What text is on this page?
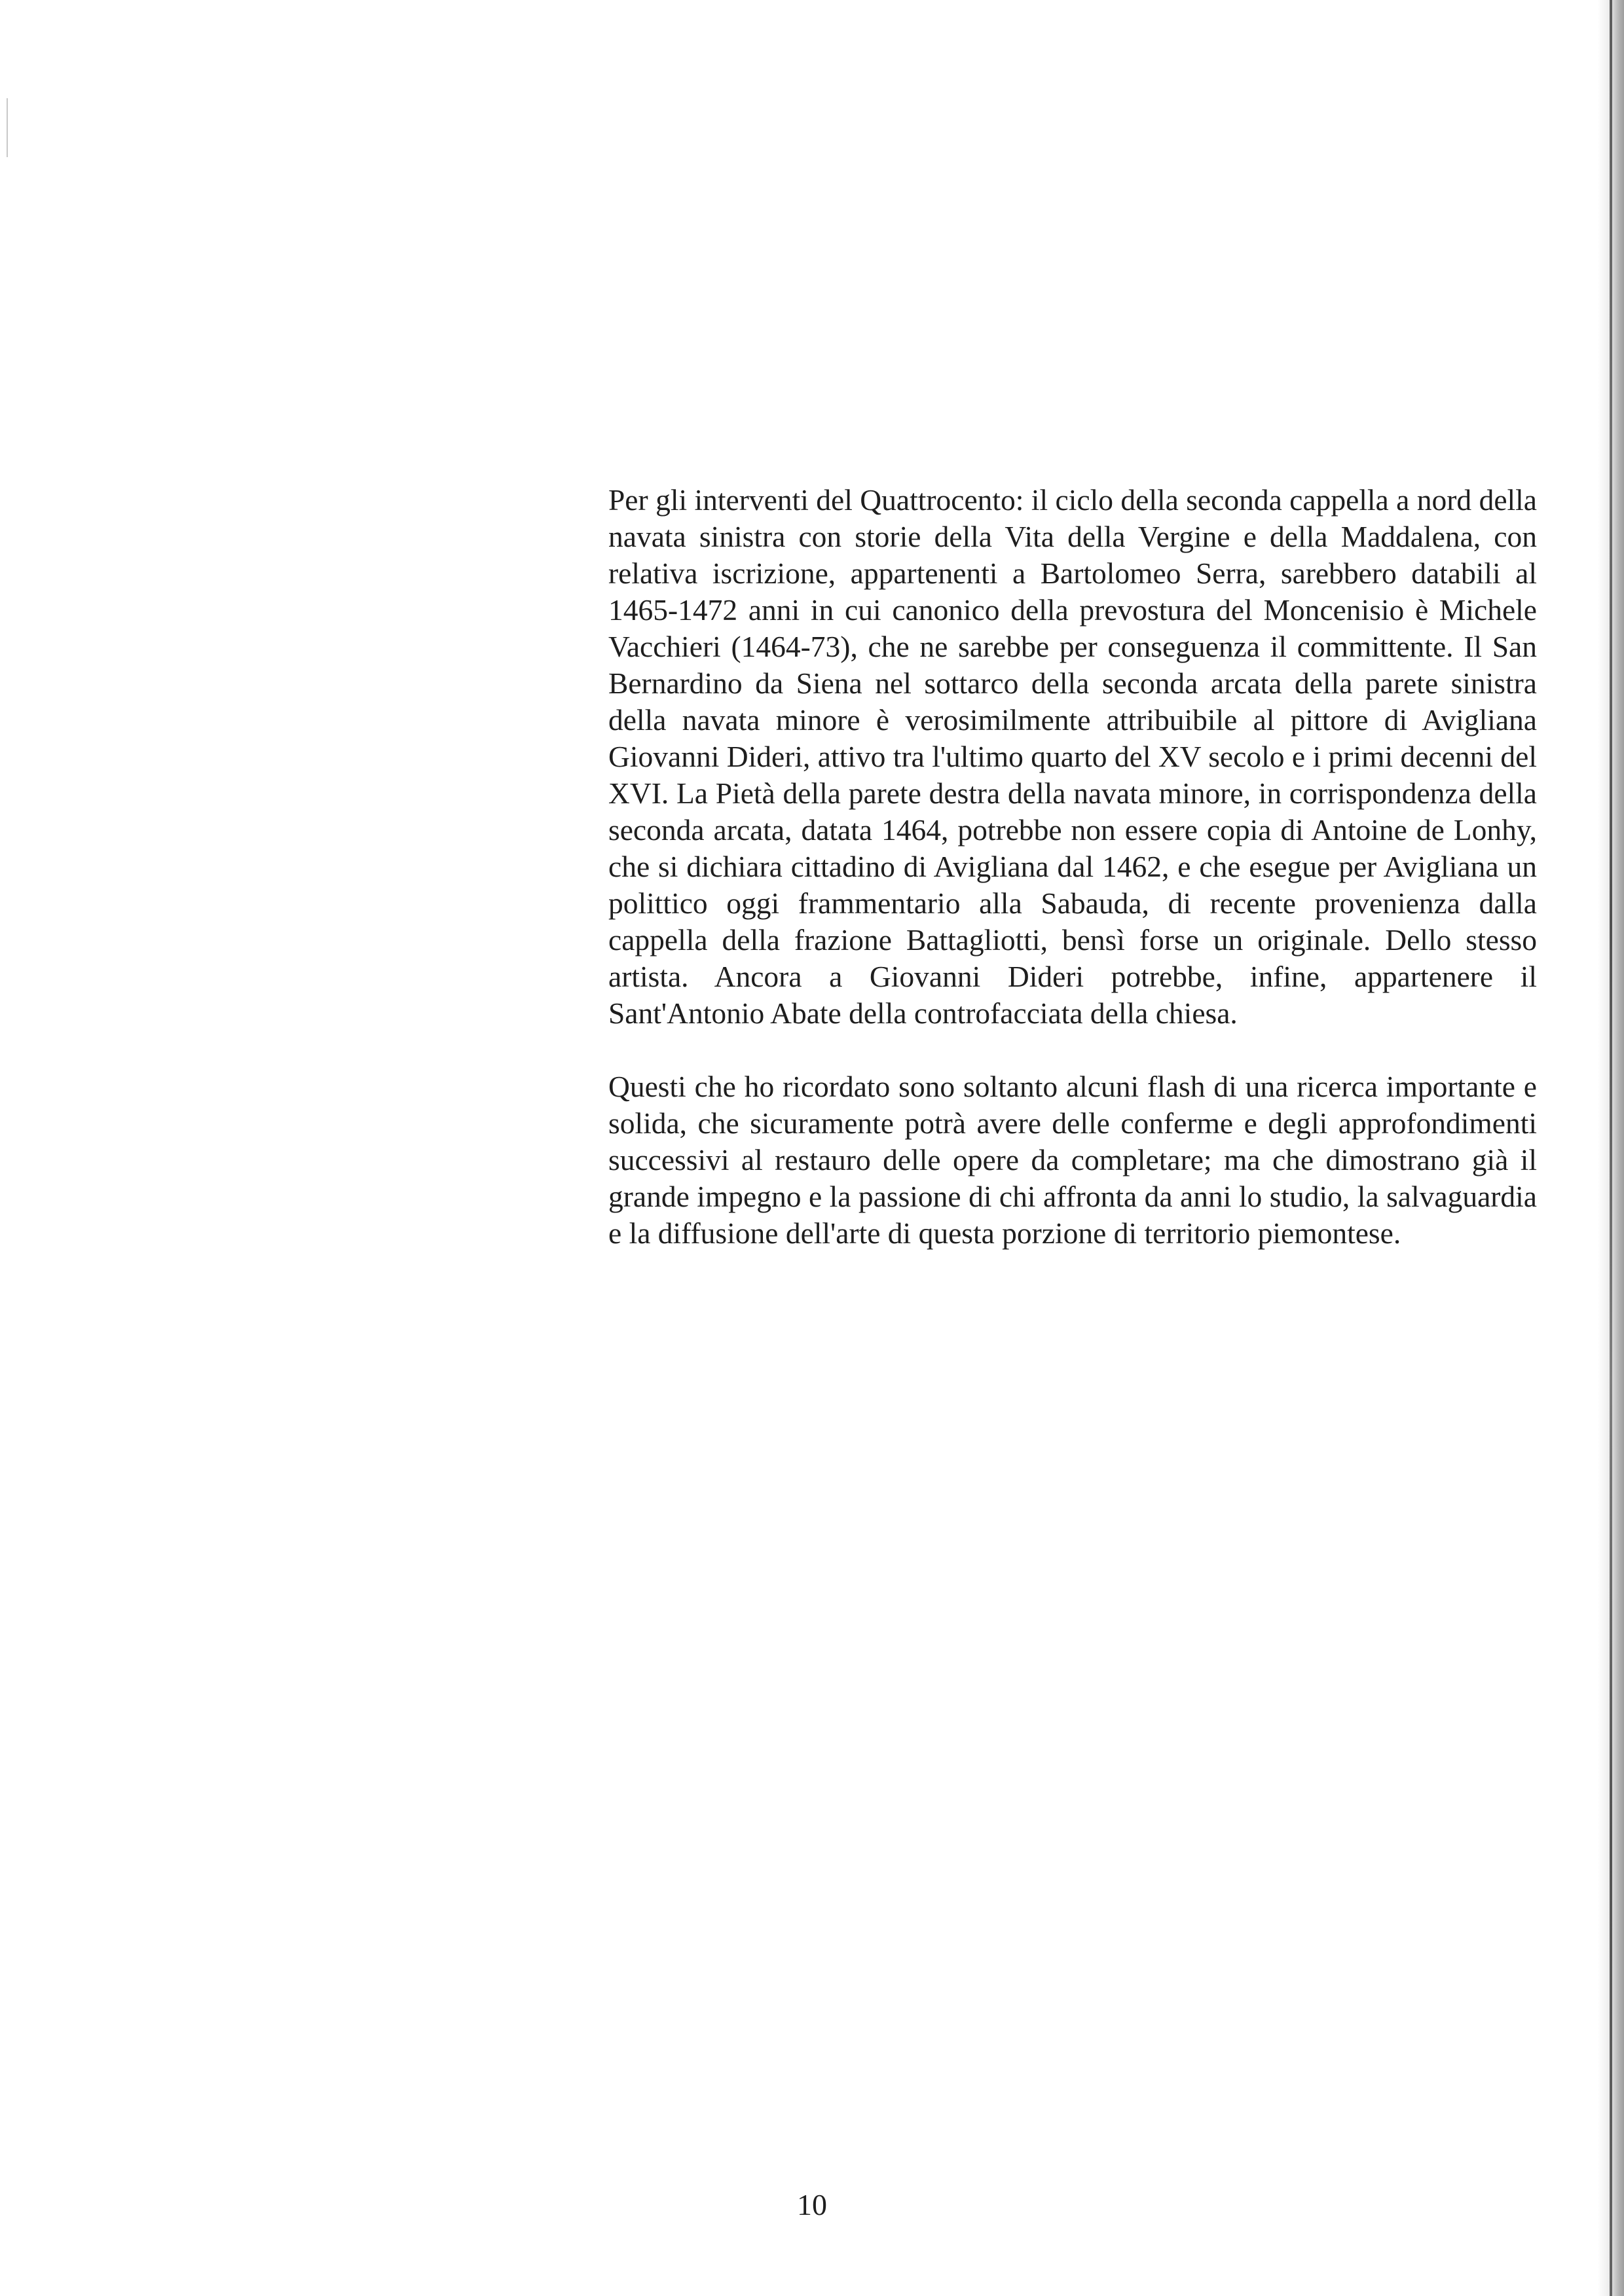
Per gli interventi del Quattrocento: il ciclo della seconda cappella a nord della navata sinistra con storie della Vita della Vergine e della Maddalena, con relativa iscrizione, appartenenti a Bartolomeo Serra, sarebbero databili al 1465-1472 anni in cui canonico della prevostura del Moncenisio è Michele Vacchieri (1464-73), che ne sarebbe per conseguenza il committente. Il San Bernardino da Siena nel sottarco della seconda arcata della parete sinistra della navata minore è verosimilmente attribuibile al pittore di Avigliana Giovanni Dideri, attivo tra l'ultimo quarto del XV secolo e i primi decenni del XVI. La Pietà della parete destra della navata minore, in corrispondenza della seconda arcata, datata 1464, potrebbe non essere copia di Antoine de Lonhy, che si dichiara cittadino di Avigliana dal 1462, e che esegue per Avigliana un polittico oggi frammentario alla Sabauda, di recente provenienza dalla cappella della frazione Battagliotti, bensì forse un originale. Dello stesso artista. Ancora a Giovanni Dideri potrebbe, infine, appartenere il Sant'Antonio Abate della controfacciata della chiesa.

Questi che ho ricordato sono soltanto alcuni flash di una ricerca importante e solida, che sicuramente potrà avere delle conferme e degli approfondimenti successivi al restauro delle opere da completare; ma che dimostrano già il grande impegno e la passione di chi affronta da anni lo studio, la salvaguardia e la diffusione dell'arte di questa porzione di territorio piemontese.

10
